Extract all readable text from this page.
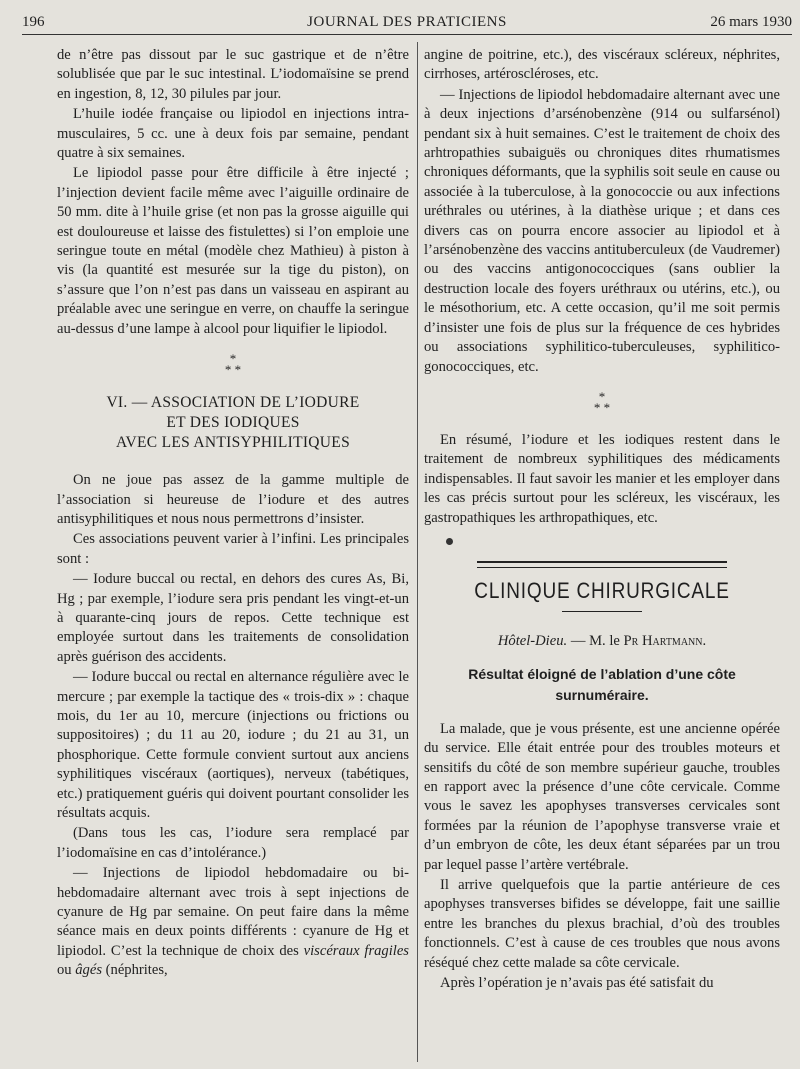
196	JOURNAL DES PRATICIENS	26 mars 1930

de n’être pas dissout par le suc gastrique et de n’être solublisée que par le suc intestinal. L’iodomaïsine se prend en ingestion, 8, 12, 30 pilules par jour.

L’huile iodée française ou lipiodol en injections intra-musculaires, 5 cc. une à deux fois par semaine, pendant quatre à six semaines.

Le lipiodol passe pour être difficile à être injecté ; l’injection devient facile même avec l’aiguille ordinaire de 50 mm. dite à l’huile grise (et non pas la grosse aiguille qui est douloureuse et laisse des fistulettes) si l’on emploie une seringue toute en métal (modèle chez Mathieu) à piston à vis (la quantité est mesurée sur la tige du piston), on s’assure que l’on n’est pas dans un vaisseau en aspirant au préalable avec une seringue en verre, on chauffe la seringue au-dessus d’une lampe à alcool pour liquifier le lipiodol.

*
* *
VI. — ASSOCIATION DE L’IODURE
ET DES IODIQUES
AVEC LES ANTISYPHILITIQUES

On ne joue pas assez de la gamme multiple de l’association si heureuse de l’iodure et des autres antisyphilitiques et nous nous permettrons d’insister.

Ces associations peuvent varier à l’infini. Les principales sont :

— Iodure buccal ou rectal, en dehors des cures As, Bi, Hg ; par exemple, l’iodure sera pris pendant les vingt-et-un à quarante-cinq jours de repos. Cette technique est employée surtout dans les traitements de consolidation après guérison des accidents.

— Iodure buccal ou rectal en alternance régulière avec le mercure ; par exemple la tactique des « trois-dix » : chaque mois, du 1er au 10, mercure (injections ou frictions ou suppositoires) ; du 11 au 20, iodure ; du 21 au 31, un phosphorique. Cette formule convient surtout aux anciens syphilitiques viscéraux (aortiques), nerveux (tabétiques, etc.) pratiquement guéris qui doivent pourtant consolider les résultats acquis.

(Dans tous les cas, l’iodure sera remplacé par l’iodomaïsine en cas d’intolérance.)

— Injections de lipiodol hebdomadaire ou bi-hebdomadaire alternant avec trois à sept injections de cyanure de Hg par semaine. On peut faire dans la même séance mais en deux points différents : cyanure de Hg et lipiodol. C’est la technique de choix des viscéraux fragiles ou âgés (néphrites,

angine de poitrine, etc.), des viscéraux scléreux, néphrites, cirrhoses, artéroscléroses, etc.

— Injections de lipiodol hebdomadaire alternant avec une à deux injections d’arsénobenzène (914 ou sulfarsénol) pendant six à huit semaines. C’est le traitement de choix des arhtropathies subaiguës ou chroniques dites rhumatismes chroniques déformants, que la syphilis soit seule en cause ou associée à la tuberculose, à la gonococcie ou aux infections uréthrales ou utérines, à la diathèse urique ; et dans ces divers cas on pourra encore associer au lipiodol et à l’arsénobenzène des vaccins antituberculeux (de Vaudremer) ou des vaccins antigonococciques (sans oublier la destruction locale des foyers uréthraux ou utérins, etc.), ou le mésothorium, etc. A cette occasion, qu’il me soit permis d’insister une fois de plus sur la fréquence de ces hybrides ou associations syphilitico-tuberculeuses, syphilitico-gonococciques, etc.

*
* *

En résumé, l’iodure et les iodiques restent dans le traitement de nombreux syphilitiques des médicaments indispensables. Il faut savoir les manier et les employer dans les cas précis surtout pour les scléreux, les viscéraux, les gastropathiques les arthropathiques, etc.

CLINIQUE CHIRURGICALE
Hôtel-Dieu. — M. le Pr Hartmann.
Résultat éloigné de l’ablation d’une côte surnuméraire.

La malade, que je vous présente, est une ancienne opérée du service. Elle était entrée pour des troubles moteurs et sensitifs du côté de son membre supérieur gauche, troubles en rapport avec la présence d’une côte cervicale. Comme vous le savez les apophyses transverses cervicales sont formées par la réunion de l’apophyse transverse vraie et d’un embryon de côte, les deux étant séparées par un trou par lequel passe l’artère vertébrale.

Il arrive quelquefois que la partie antérieure de ces apophyses transverses bifides se développe, fait une saillie entre les branches du plexus brachial, d’où des troubles fonctionnels. C’est à cause de ces troubles que nous avons réséqué chez cette malade sa côte cervicale.

Après l’opération je n’avais pas été satisfait du
